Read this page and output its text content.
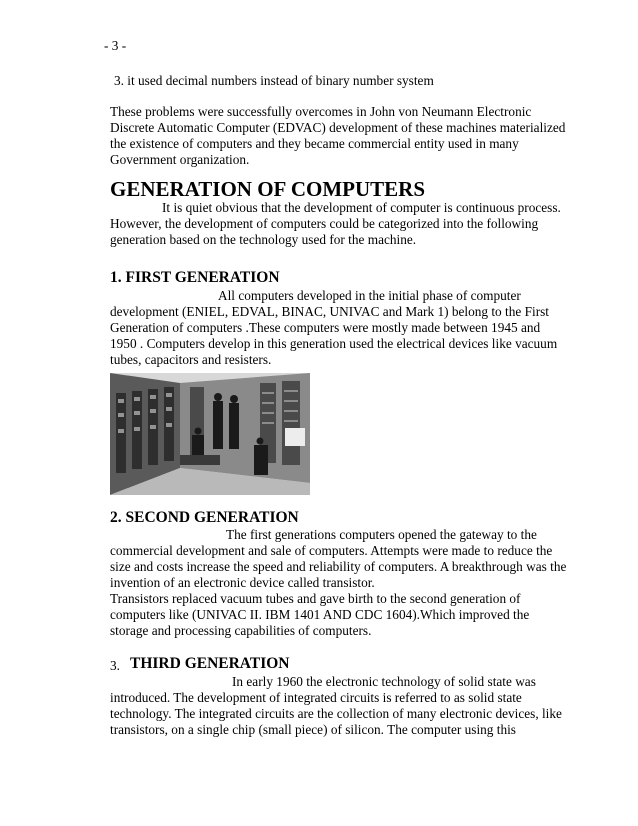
- 3 -
3. it used decimal numbers instead of binary number system
These problems were successfully overcomes in John von Neumann Electronic
Discrete Automatic Computer (EDVAC) development of these machines materialized
the existence of computers and they became commercial entity used in many
Government organization.
GENERATION OF COMPUTERS
It is quiet obvious that the development of computer is continuous process.
However, the development of computers could be categorized into the following
generation based on the technology used for the machine.
1. FIRST GENERATION
All computers developed in the initial phase of computer
development (ENIEL, EDVAL, BINAC, UNIVAC and Mark 1) belong to the First
Generation of computers .These computers were mostly made between 1945 and
1950 . Computers develop in this generation used the electrical devices like vacuum
tubes, capacitors and resisters.
2. SECOND GENERATION
The first generations computers opened the gateway to the
commercial development and sale of computers. Attempts were made to reduce the
size and costs increase the speed and reliability of computers. A breakthrough was the
invention of an electronic device called transistor.
Transistors replaced vacuum tubes and gave birth to the second generation of
computers like (UNIVAC II. IBM 1401 AND CDC 1604).Which improved the
storage and processing capabilities of computers.
3. THIRD GENERATION
In early 1960 the electronic technology of solid state was
introduced. The development of integrated circuits is referred to as solid state
technology. The integrated circuits are the collection of many electronic devices, like
transistors, on a single chip (small piece) of silicon. The computer using this
